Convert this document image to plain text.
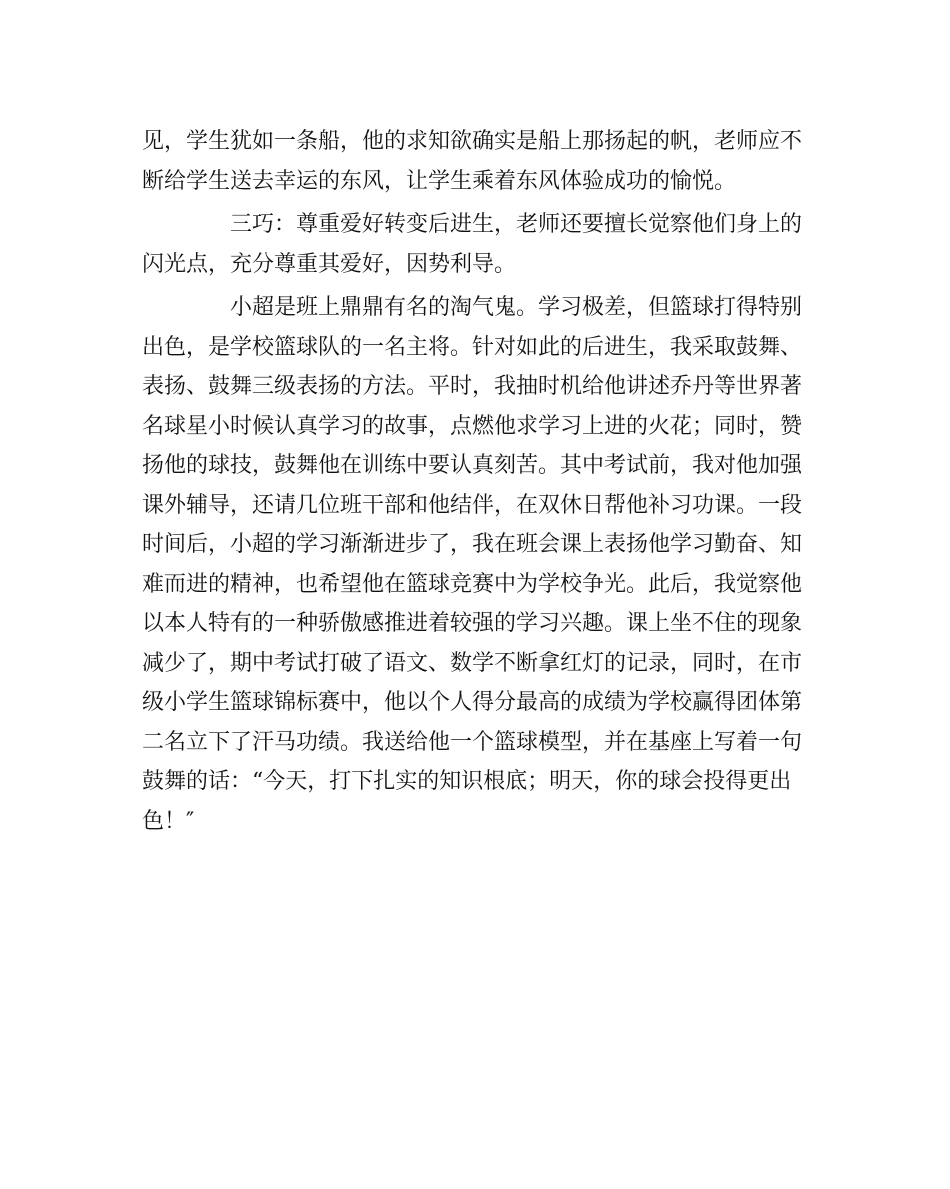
见，学生犹如一条船，他的求知欲确实是船上那扬起的帆，老师应不
断给学生送去幸运的东风，让学生乘着东风体验成功的愉悦。
三巧：尊重爱好转变后进生，老师还要擅长觉察他们身上的
闪光点，充分尊重其爱好，因势利导。
小超是班上鼎鼎有名的淘气鬼。学习极差，但篮球打得特别
出色，是学校篮球队的一名主将。针对如此的后进生，我采取鼓舞、
表扬、鼓舞三级表扬的方法。平时，我抽时机给他讲述乔丹等世界著
名球星小时候认真学习的故事，点燃他求学习上进的火花；同时，赞
扬他的球技，鼓舞他在训练中要认真刻苦。其中考试前，我对他加强
课外辅导，还请几位班干部和他结伴，在双休日帮他补习功课。一段
时间后，小超的学习渐渐进步了，我在班会课上表扬他学习勤奋、知
难而进的精神，也希望他在篮球竞赛中为学校争光。此后，我觉察他
以本人特有的一种骄傲感推进着较强的学习兴趣。课上坐不住的现象
减少了，期中考试打破了语文、数学不断拿红灯的记录，同时，在市
级小学生篮球锦标赛中，他以个人得分最高的成绩为学校赢得团体第
二名立下了汗马功绩。我送给他一个篮球模型，并在基座上写着一句
鼓舞的话：“今天，打下扎实的知识根底；明天，你的球会投得更出
色！″
